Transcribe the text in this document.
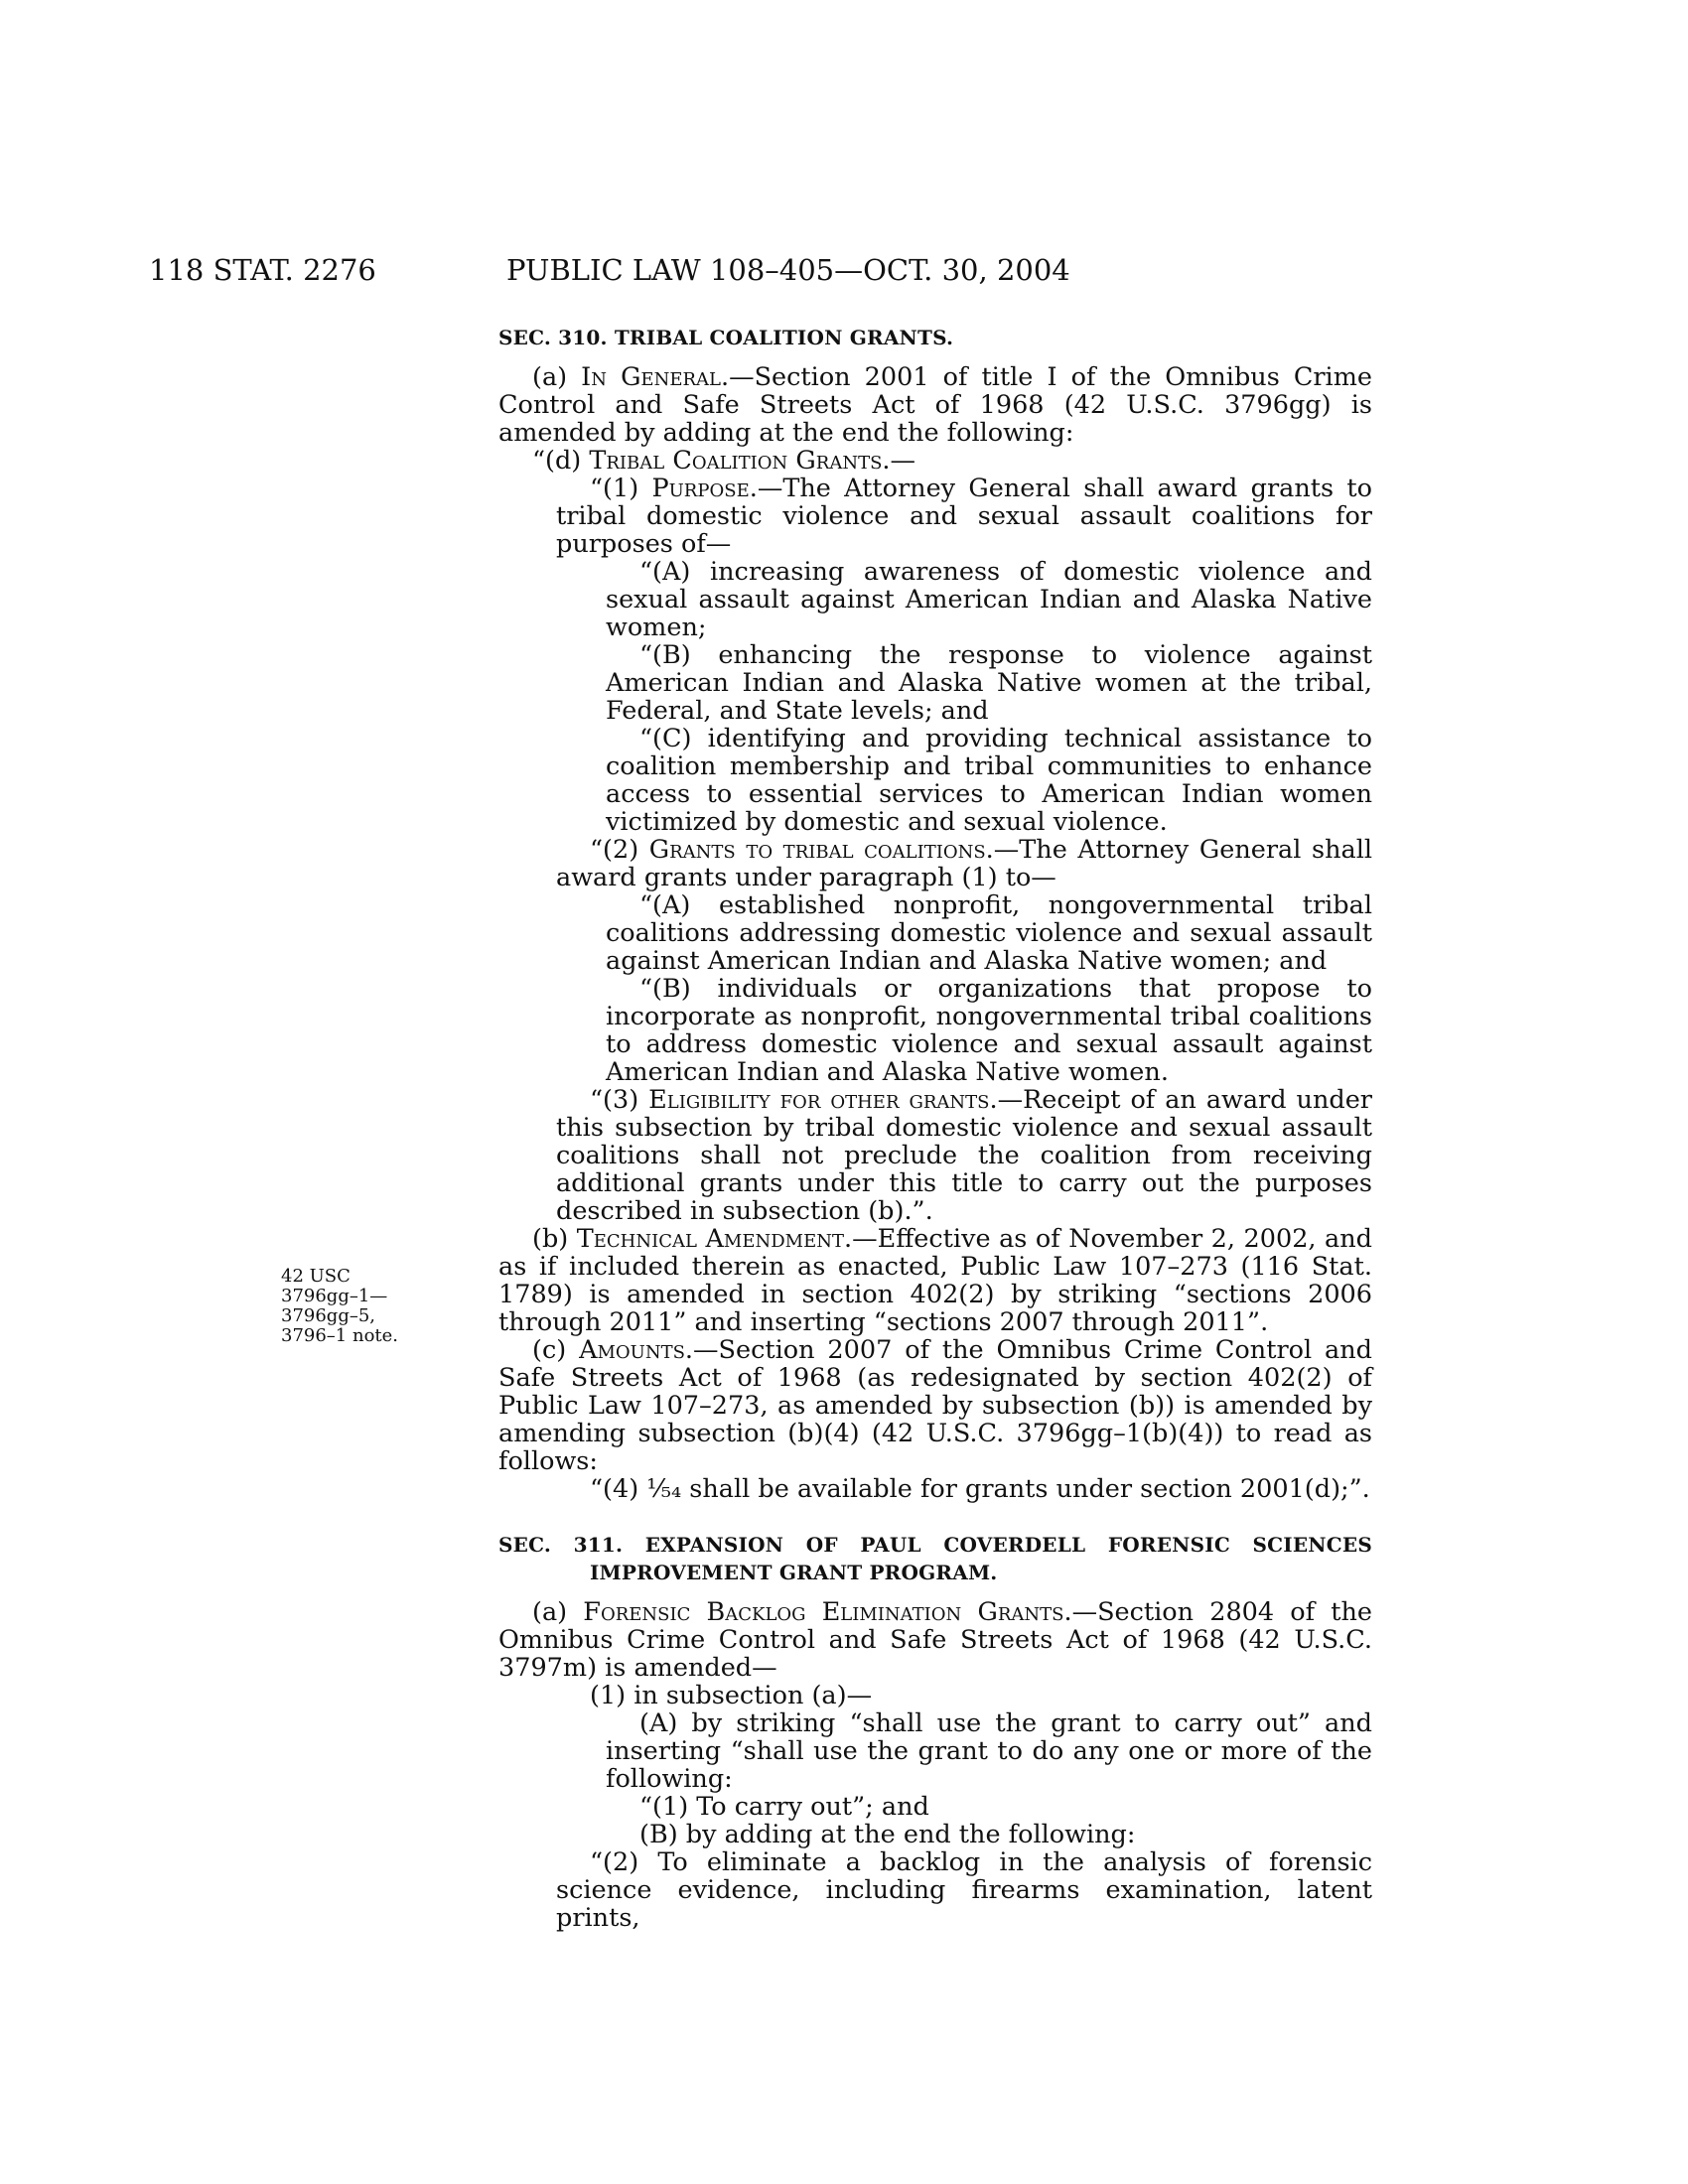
118 STAT. 2276	PUBLIC LAW 108–405—OCT. 30, 2004
42 USC
3796gg–1—
3796gg–5,
3796–1 note.
SEC. 310. TRIBAL COALITION GRANTS.

(a) In General.—Section 2001 of title I of the Omnibus Crime Control and Safe Streets Act of 1968 (42 U.S.C. 3796gg) is amended by adding at the end the following:

“(d) Tribal Coalition Grants.—

“(1) Purpose.—The Attorney General shall award grants to tribal domestic violence and sexual assault coalitions for purposes of—

“(A) increasing awareness of domestic violence and sexual assault against American Indian and Alaska Native women;

“(B) enhancing the response to violence against American Indian and Alaska Native women at the tribal, Federal, and State levels; and

“(C) identifying and providing technical assistance to coalition membership and tribal communities to enhance access to essential services to American Indian women victimized by domestic and sexual violence.

“(2) Grants to tribal coalitions.—The Attorney General shall award grants under paragraph (1) to—

“(A) established nonprofit, nongovernmental tribal coalitions addressing domestic violence and sexual assault against American Indian and Alaska Native women; and

“(B) individuals or organizations that propose to incorporate as nonprofit, nongovernmental tribal coalitions to address domestic violence and sexual assault against American Indian and Alaska Native women.

“(3) Eligibility for other grants.—Receipt of an award under this subsection by tribal domestic violence and sexual assault coalitions shall not preclude the coalition from receiving additional grants under this title to carry out the purposes described in subsection (b).”.

(b) Technical Amendment.—Effective as of November 2, 2002, and as if included therein as enacted, Public Law 107–273 (116 Stat. 1789) is amended in section 402(2) by striking “sections 2006 through 2011” and inserting “sections 2007 through 2011”.

(c) Amounts.—Section 2007 of the Omnibus Crime Control and Safe Streets Act of 1968 (as redesignated by section 402(2) of Public Law 107–273, as amended by subsection (b)) is amended by amending subsection (b)(4) (42 U.S.C. 3796gg–1(b)(4)) to read as follows:

“(4) ¹⁄₅₄ shall be available for grants under section 2001(d);”.

SEC. 311. EXPANSION OF PAUL COVERDELL FORENSIC SCIENCES IMPROVEMENT GRANT PROGRAM.

(a) Forensic Backlog Elimination Grants.—Section 2804 of the Omnibus Crime Control and Safe Streets Act of 1968 (42 U.S.C. 3797m) is amended—

(1) in subsection (a)—

(A) by striking “shall use the grant to carry out” and inserting “shall use the grant to do any one or more of the following:

“(1) To carry out”; and

(B) by adding at the end the following:

“(2) To eliminate a backlog in the analysis of forensic science evidence, including firearms examination, latent prints,
